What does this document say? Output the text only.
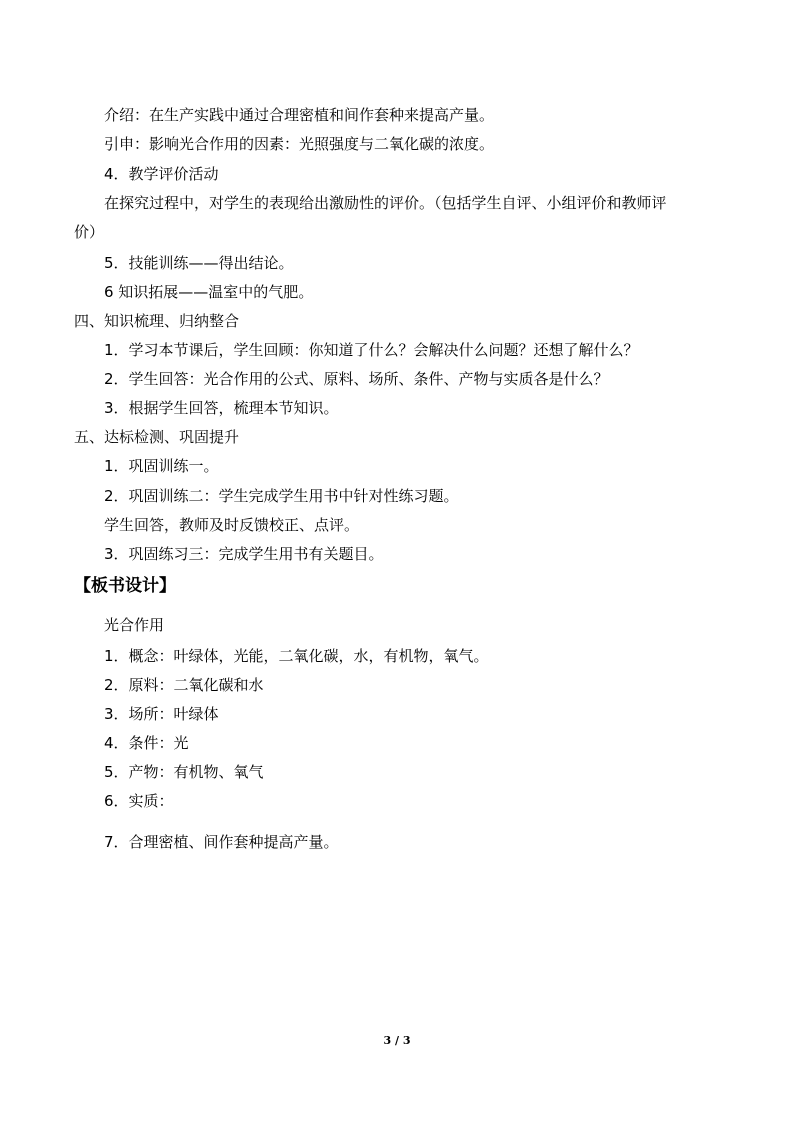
介绍：在生产实践中通过合理密植和间作套种来提高产量。
引申：影响光合作用的因素：光照强度与二氧化碳的浓度。
4．教学评价活动
在探究过程中，对学生的表现给出激励性的评价。（包括学生自评、小组评价和教师评
价）
5．技能训练——得出结论。
6 知识拓展——温室中的气肥。
四、知识梳理、归纳整合
1．学习本节课后，学生回顾：你知道了什么？会解决什么问题？还想了解什么？
2．学生回答：光合作用的公式、原料、场所、条件、产物与实质各是什么？
3．根据学生回答，梳理本节知识。
五、达标检测、巩固提升
1．巩固训练一。
2．巩固训练二：学生完成学生用书中针对性练习题。
学生回答，教师及时反馈校正、点评。
3．巩固练习三：完成学生用书有关题目。
【板书设计】
光合作用
1．概念：叶绿体，光能，二氧化碳，水，有机物，氧气。
2．原料：二氧化碳和水
3．场所：叶绿体
4．条件：光
5．产物：有机物、氧气
6．实质：
7．合理密植、间作套种提高产量。
3 / 3
